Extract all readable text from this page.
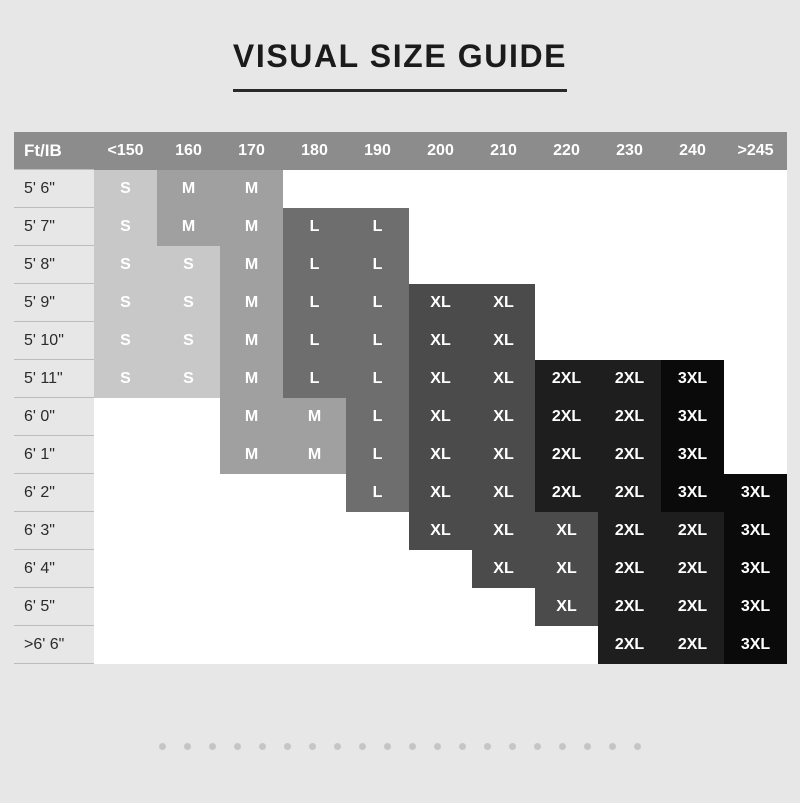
VISUAL SIZE GUIDE
Ft/IB	<150	160	170	180	190	200	210	220	230	240	>245
5' 6"	S	M	M								
5' 7"	S	M	M	L	L						
5' 8"	S	S	M	L	L						
5' 9"	S	S	M	L	L	XL	XL				
5' 10"	S	S	M	L	L	XL	XL				
5' 11"	S	S	M	L	L	XL	XL	2XL	2XL	3XL	
6' 0"			M	M	L	XL	XL	2XL	2XL	3XL	
6' 1"			M	M	L	XL	XL	2XL	2XL	3XL	
6' 2"					L	XL	XL	2XL	2XL	3XL	3XL
6' 3"						XL	XL	XL	2XL	2XL	3XL
6' 4"							XL	XL	2XL	2XL	3XL
6' 5"								XL	2XL	2XL	3XL
>6' 6"									2XL	2XL	3XL
